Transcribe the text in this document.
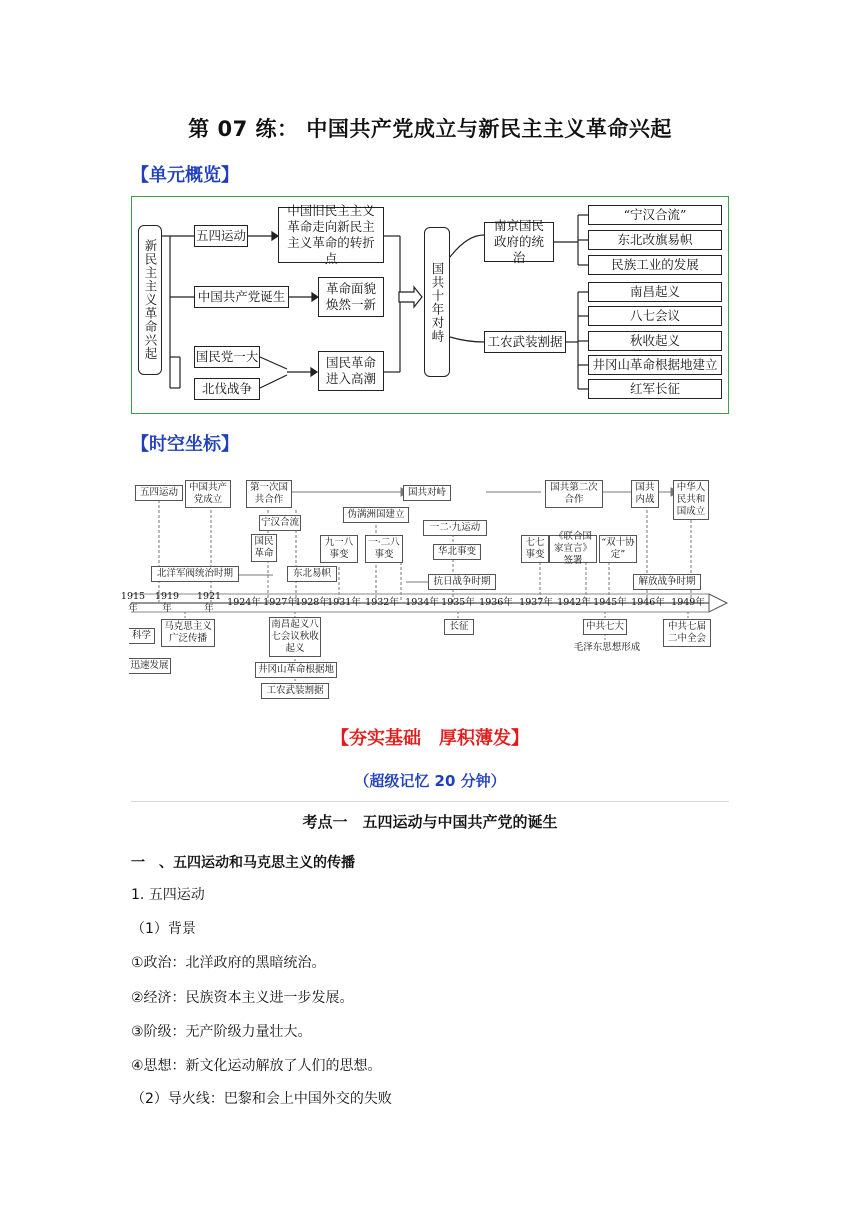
第 07 练： 中国共产党成立与新民主主义革命兴起
【单元概览】
新民主主义革命兴起
五四运动
中国共产党诞生
国民党一大
北伐战争
中国旧民主主义革命走向新民主主义革命的转折点
革命面貌焕然一新
国民革命进入高潮
国共十年对峙
南京国民政府的统治
工农武装割据
“宁汉合流”
东北改旗易帜
民族工业的发展
南昌起义
八七会议
秋收起义
井冈山革命根据地建立
红军长征
【时空坐标】
五四运动	中国共产党成立
第一次国共合作
国共对峙	国共第二次合作
国共内战
中华人民共和国成立
宁汉合流
伪满洲国建立
一二·九运动
国民革命
九一八事变
一·二八事变	华北事变
七七事变
《联合国家宣言》签署
“双十协定”
北洋军阀统治时期	东北易帜
抗日战争时期	解放战争时期
1915年
1919年
1921年
1924年 1927年
1928年
1931年 1932年 1934年 1935年 1936年 1937年 1942年 1945年 1946年 1949年
科学
马克思主义广泛传播
南昌起义八七会议秋收起义
长征	中共七大	中共七届二中全会
迅速发展	井冈山革命根据地
工农武装割据
毛泽东思想形成
【夯实基础　厚积薄发】
（超级记忆 20 分钟）
考点一　五四运动与中国共产党的诞生
一　、五四运动和马克思主义的传播
1. 五四运动
（1）背景
①政治：北洋政府的黑暗统治。
②经济：民族资本主义进一步发展。
③阶级：无产阶级力量壮大。
④思想：新文化运动解放了人们的思想。
（2）导火线：巴黎和会上中国外交的失败
